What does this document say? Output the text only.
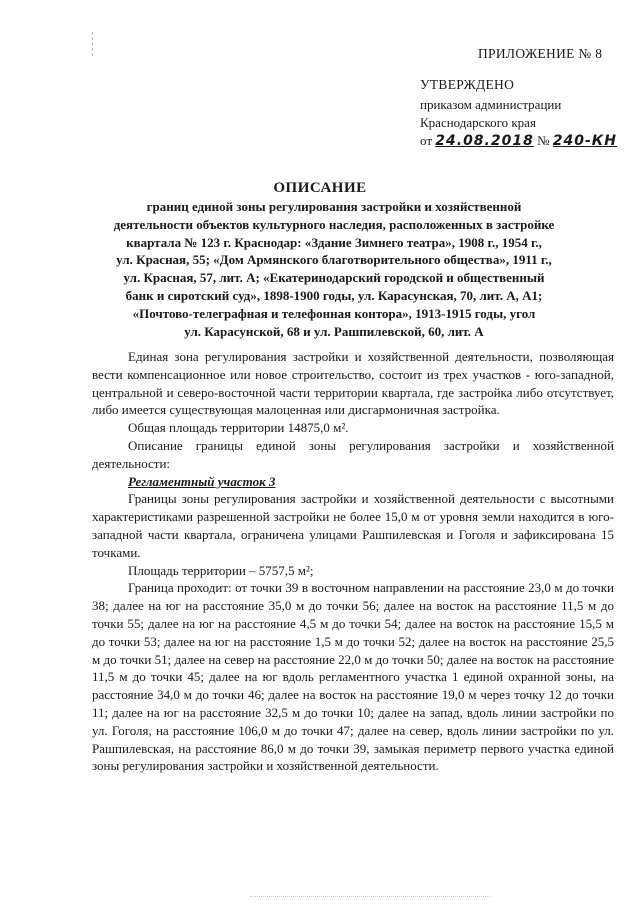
ПРИЛОЖЕНИЕ № 8
УТВЕРЖДЕНО
приказом администрации
Краснодарского края
от 24.08.2018 № 240-КН
ОПИСАНИЕ
границ единой зоны регулирования застройки и хозяйственной
деятельности объектов культурного наследия, расположенных в застройке
квартала № 123 г. Краснодар: «Здание Зимнего театра», 1908 г., 1954 г.,
ул. Красная, 55; «Дом Армянского благотворительного общества», 1911 г.,
ул. Красная, 57, лит. А; «Екатеринодарский городской и общественный
банк и сиротский суд», 1898-1900 годы, ул. Карасунская, 70, лит. А, А1;
«Почтово-телеграфная и телефонная контора», 1913-1915 годы, угол
ул. Карасунской, 68 и ул. Рашпилевской, 60, лит. А

Единая зона регулирования застройки и хозяйственной деятельности, позволяющая вести компенсационное или новое строительство, состоит из трех участков - юго-западной, центральной и северо-восточной части территории квартала, где застройка либо отсутствует, либо имеется существующая малоценная или дисгармоничная застройка.

Общая площадь территории 14875,0 м².

Описание границы единой зоны регулирования застройки и хозяйственной деятельности:

Регламентный участок 3

Границы зоны регулирования застройки и хозяйственной деятельности с высотными характеристиками разрешенной застройки не более 15,0 м от уровня земли находится в юго-западной части квартала, ограничена улицами Рашпилевская и Гоголя и зафиксирована 15 точками.

Площадь территории – 5757,5 м²;

Граница проходит: от точки 39 в восточном направлении на расстояние 23,0 м до точки 38; далее на юг на расстояние 35,0 м до точки 56; далее на восток на расстояние 11,5 м до точки 55; далее на юг на расстояние 4,5 м до точки 54; далее на восток на расстояние 15,5 м до точки 53; далее на юг на расстояние 1,5 м до точки 52; далее на восток на расстояние 25,5 м до точки 51; далее на север на расстояние 22,0 м до точки 50; далее на восток на расстояние 11,5 м до точки 45; далее на юг вдоль регламентного участка 1 единой охранной зоны, на расстояние 34,0 м до точки 46; далее на восток на расстояние 19,0 м через точку 12 до точки 11; далее на юг на расстояние 32,5 м до точки 10; далее на запад, вдоль линии застройки по ул. Гоголя, на расстояние 106,0 м до точки 47; далее на север, вдоль линии застройки по ул. Рашпилевская, на расстояние 86,0 м до точки 39, замыкая периметр первого участка единой зоны регулирования застройки и хозяйственной деятельности.
